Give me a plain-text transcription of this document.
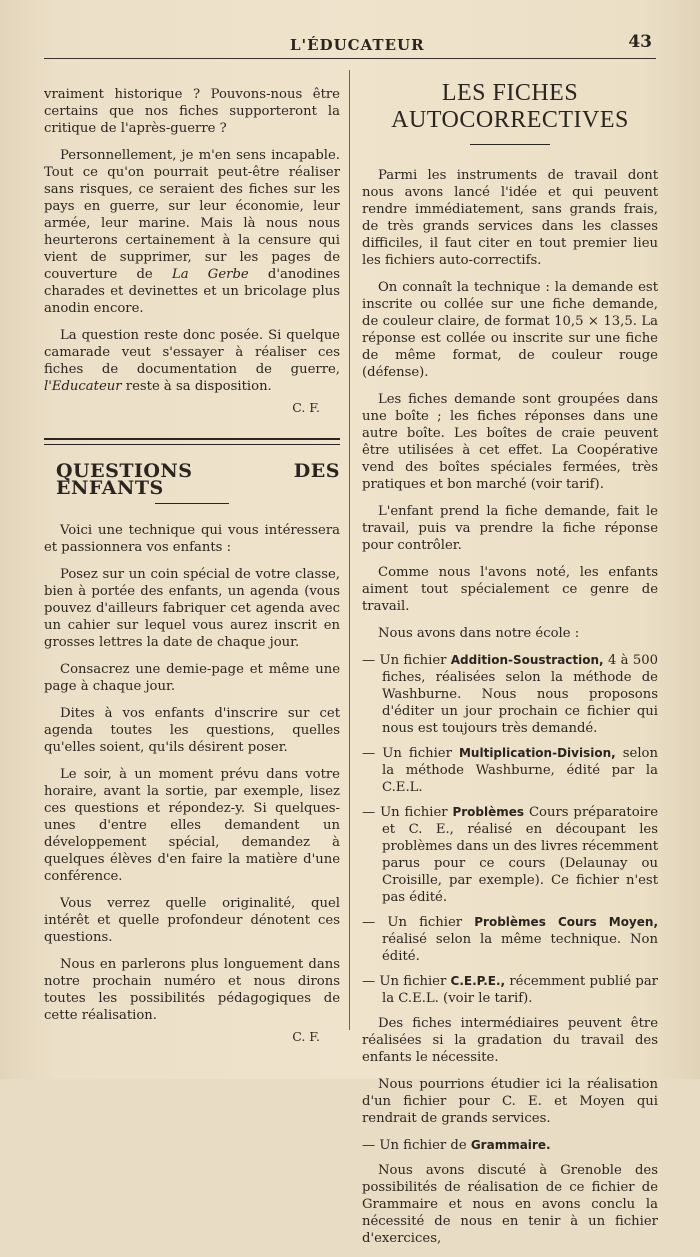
L'ÉDUCATEUR	43

vraiment historique ? Pouvons-nous être certains que nos fiches supporteront la critique de l'après-guerre ?

Personnellement, je m'en sens incapable. Tout ce qu'on pourrait peut-être réaliser sans risques, ce seraient des fiches sur les pays en guerre, sur leur économie, leur armée, leur marine. Mais là nous nous heurterons certainement à la censure qui vient de supprimer, sur les pages de couverture de La Gerbe d'anodines charades et devinettes et un bricolage plus anodin encore.

La question reste donc posée. Si quelque camarade veut s'essayer à réaliser ces fiches de documentation de guerre, l'Educateur reste à sa disposition.

C. F.
QUESTIONS DES ENFANTS

Voici une technique qui vous intéressera et passionnera vos enfants :

Posez sur un coin spécial de votre classe, bien à portée des enfants, un agenda (vous pouvez d'ailleurs fabriquer cet agenda avec un cahier sur lequel vous aurez inscrit en grosses lettres la date de chaque jour.

Consacrez une demie-page et même une page à chaque jour.

Dites à vos enfants d'inscrire sur cet agenda toutes les questions, quelles qu'elles soient, qu'ils désirent poser.

Le soir, à un moment prévu dans votre horaire, avant la sortie, par exemple, lisez ces questions et répondez-y. Si quelques-unes d'entre elles demandent un développement spécial, demandez à quelques élèves d'en faire la matière d'une conférence.

Vous verrez quelle originalité, quel intérêt et quelle profondeur dénotent ces questions.

Nous en parlerons plus longuement dans notre prochain numéro et nous dirons toutes les possibilités pédagogiques de cette réalisation.

C. F.
LES FICHES
AUTOCORRECTIVES

Parmi les instruments de travail dont nous avons lancé l'idée et qui peuvent rendre immédiatement, sans grands frais, de très grands services dans les classes difficiles, il faut citer en tout premier lieu les fichiers auto-correctifs.

On connaît la technique : la demande est inscrite ou collée sur une fiche demande, de couleur claire, de format 10,5 × 13,5. La réponse est collée ou inscrite sur une fiche de même format, de couleur rouge (défense).

Les fiches demande sont groupées dans une boîte ; les fiches réponses dans une autre boîte. Les boîtes de craie peuvent être utilisées à cet effet. La Coopérative vend des boîtes spéciales fermées, très pratiques et bon marché (voir tarif).

L'enfant prend la fiche demande, fait le travail, puis va prendre la fiche réponse pour contrôler.

Comme nous l'avons noté, les enfants aiment tout spécialement ce genre de travail.

Nous avons dans notre école :

— Un fichier Addition-Soustraction, 4 à 500 fiches, réalisées selon la méthode de Washburne. Nous nous proposons d'éditer un jour prochain ce fichier qui nous est toujours très demandé.
— Un fichier Multiplication-Division, selon la méthode Washburne, édité par la C.E.L.
— Un fichier Problèmes Cours préparatoire et C. E., réalisé en découpant les problèmes dans un des livres récemment parus pour ce cours (Delaunay ou Croisille, par exemple). Ce fichier n'est pas édité.
— Un fichier Problèmes Cours Moyen, réalisé selon la même technique. Non édité.
— Un fichier C.E.P.E., récemment publié par la C.E.L. (voir le tarif).

Des fiches intermédiaires peuvent être réalisées si la gradation du travail des enfants le nécessite.

Nous pourrions étudier ici la réalisation d'un fichier pour C. E. et Moyen qui rendrait de grands services.

— Un fichier de Grammaire.

Nous avons discuté à Grenoble des possibilités de réalisation de ce fichier de Grammaire et nous en avons conclu la nécessité de nous en tenir à un fichier d'exercices,
